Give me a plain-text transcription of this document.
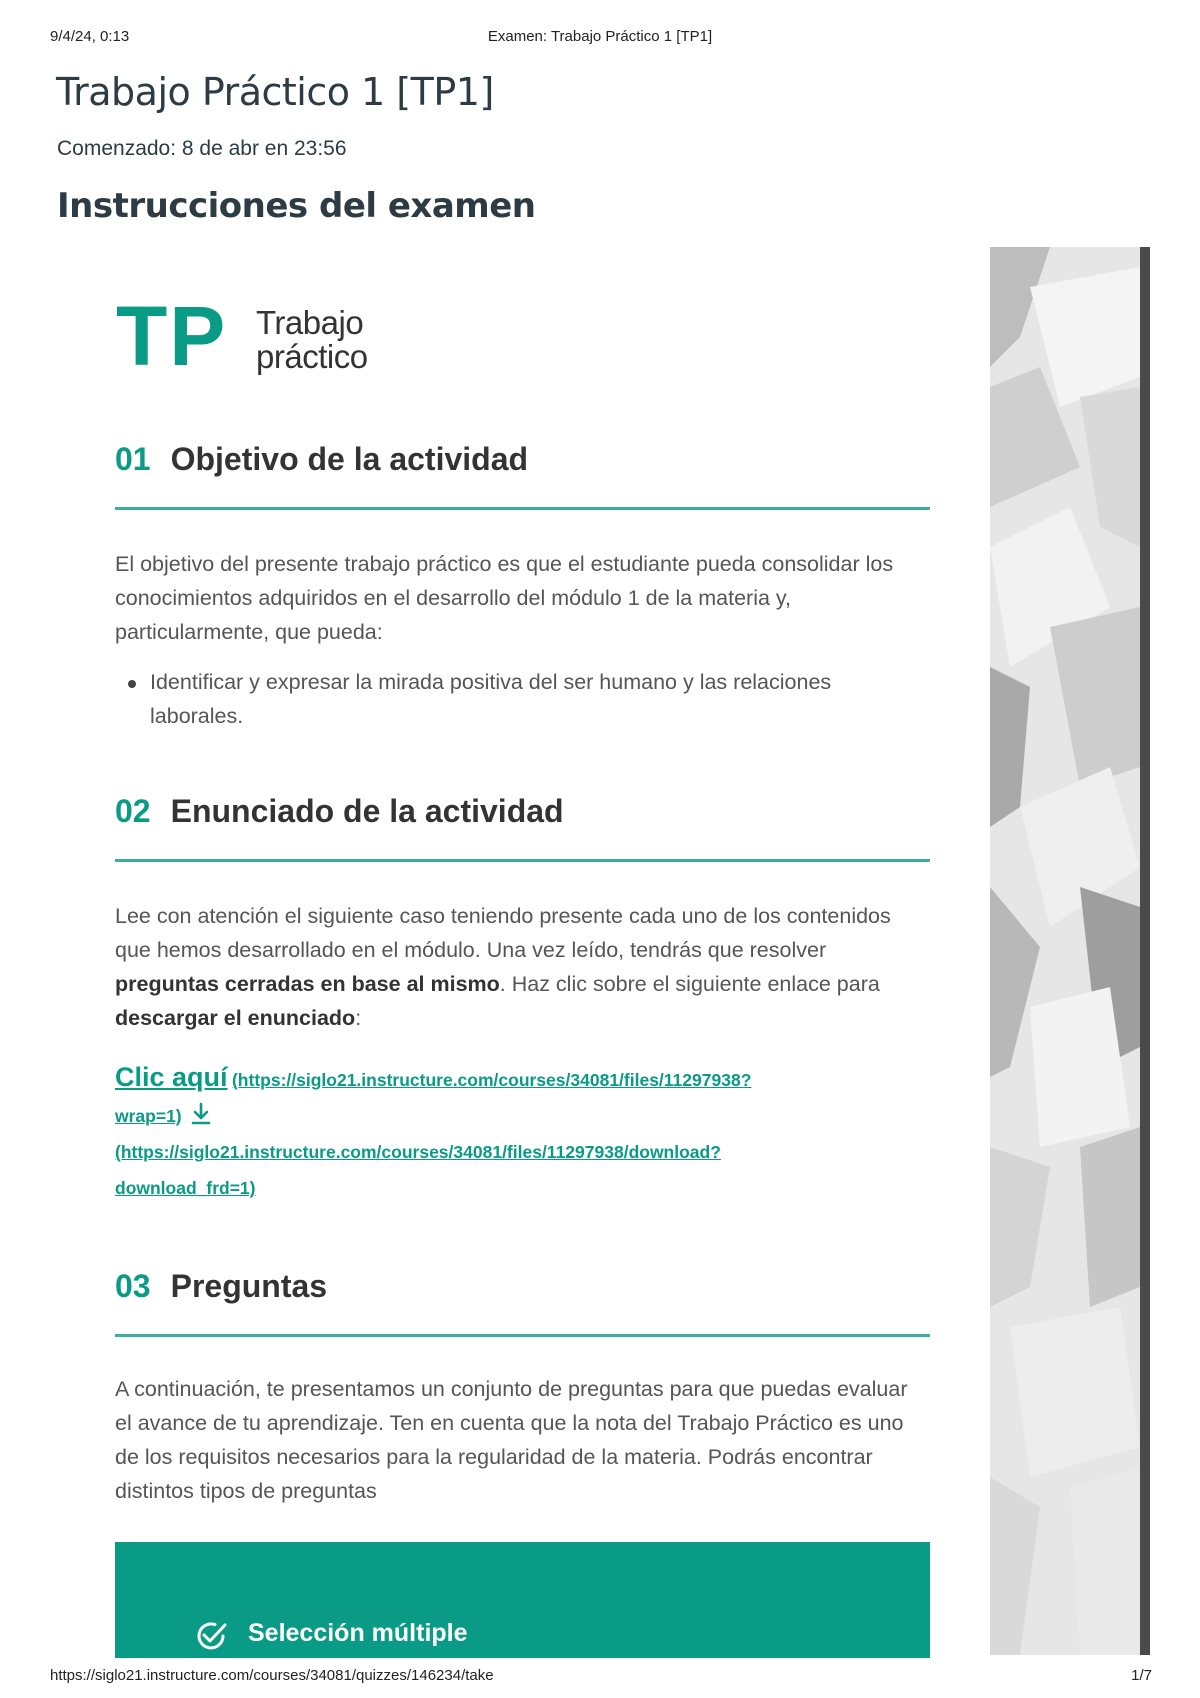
9/4/24, 0:13	Examen: Trabajo Práctico 1 [TP1]
Trabajo Práctico 1 [TP1]
Comenzado: 8 de abr en 23:56
Instrucciones del examen
TP Trabajo
práctico
01 Objetivo de la actividad

El objetivo del presente trabajo práctico es que el estudiante pueda consolidar los conocimientos adquiridos en el desarrollo del módulo 1 de la materia y, particularmente, que pueda:

Identificar y expresar la mirada positiva del ser humano y las relaciones laborales.
02 Enunciado de la actividad

Lee con atención el siguiente caso teniendo presente cada uno de los contenidos que hemos desarrollado en el módulo. Una vez leído, tendrás que resolver preguntas cerradas en base al mismo. Haz clic sobre el siguiente enlace para descargar el enunciado:

Clic aquí (https://siglo21.instructure.com/courses/34081/files/11297938?
wrap=1)
(https://siglo21.instructure.com/courses/34081/files/11297938/download?
download_frd=1)
03 Preguntas

A continuación, te presentamos un conjunto de preguntas para que puedas evaluar el avance de tu aprendizaje. Ten en cuenta que la nota del Trabajo Práctico es uno de los requisitos necesarios para la regularidad de la materia. Podrás encontrar distintos tipos de preguntas

Selección múltiple
https://siglo21.instructure.com/courses/34081/quizzes/146234/take	1/7
